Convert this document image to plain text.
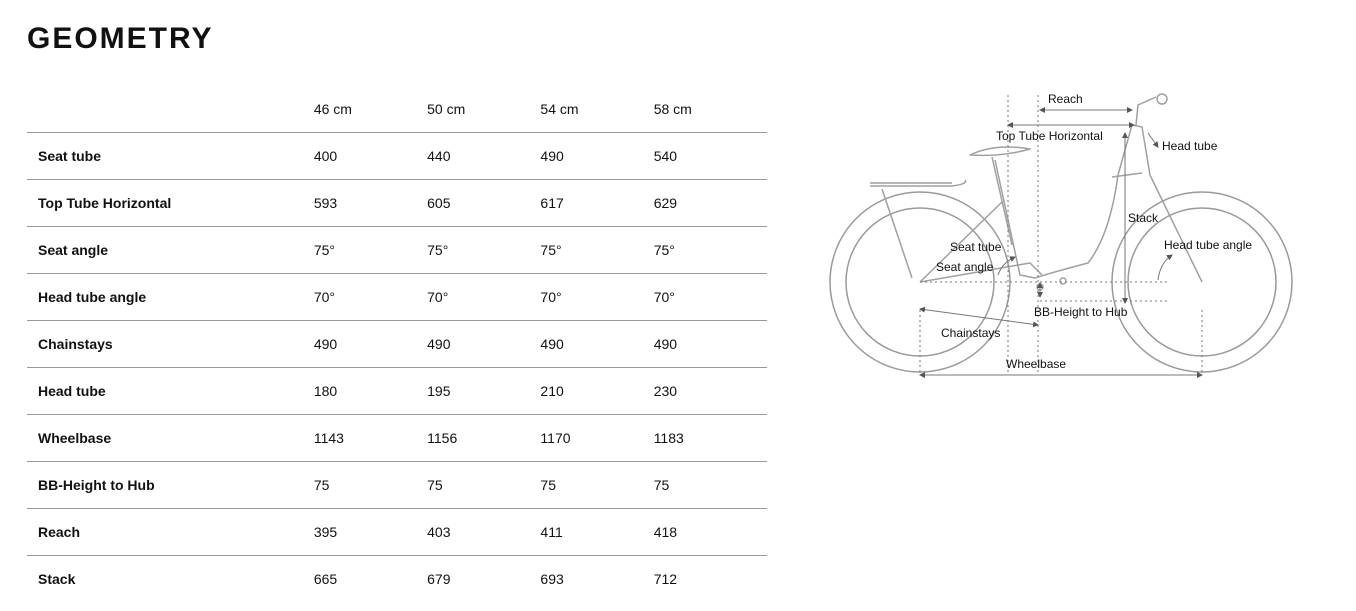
GEOMETRY
	46 cm	50 cm	54 cm	58 cm
Seat tube	400	440	490	540
Top Tube Horizontal	593	605	617	629
Seat angle	75°	75°	75°	75°
Head tube angle	70°	70°	70°	70°
Chainstays	490	490	490	490
Head tube	180	195	210	230
Wheelbase	1143	1156	1170	1183
BB-Height to Hub	75	75	75	75
Reach	395	403	411	418
Stack	665	679	693	712
Reach
Top Tube Horizontal
Head tube
Stack
Seat tube
Seat angle
Head tube angle
BB-Height to Hub
Chainstays
Wheelbase
